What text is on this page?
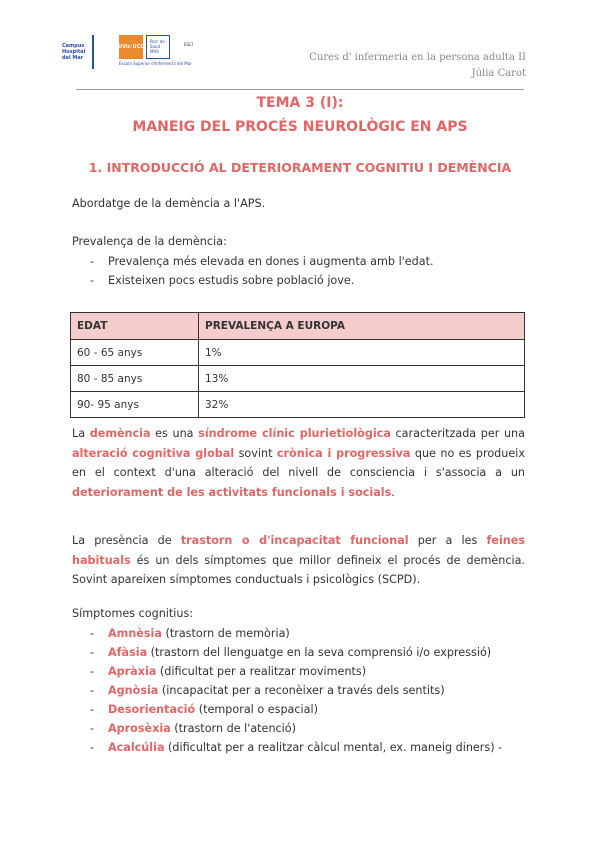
Campus Hospital del Mar
UVic·UCC
Parc de Salut MAR
Escola Superior d'Infermeria del Mar
ESCI
Cures d' infermeria en la persona adulta II
Júlia Carot
TEMA 3 (I):
MANEIG DEL PROCÉS NEUROLÒGIC EN APS
1. INTRODUCCIÓ AL DETERIORAMENT COGNITIU I DEMÈNCIA
Abordatge de la demència a l'APS.
Prevalença de la demència:
- Prevalença més elevada en dones i augmenta amb l'edat.
- Existeixen pocs estudis sobre població jove.
EDAT	PREVALENÇA A EUROPA
60 - 65 anys	1%
80 - 85 anys	13%
90- 95 anys	32%

La demència es una síndrome clínic plurietiològica caracteritzada per una alteració cognitiva global sovint crònica i progressiva que no es produeix en el context d'una alteració del nivell de consciencia i s'associa a un deteriorament de les activitats funcionals i socials.

La presència de trastorn o d'incapacitat funcional per a les feines habituals és un dels símptomes que millor defineix el procés de demència. Sovint apareixen símptomes conductuals i psicològics (SCPD).

Símptomes cognitius:
- Amnèsia (trastorn de memòria)
- Afàsia (trastorn del llenguatge en la seva comprensió i/o expressió)
- Apràxia (dificultat per a realitzar moviments)
- Agnòsia (incapacitat per a reconèixer a través dels sentits)
- Desorientació (temporal o espacial)
- Aprosèxia (trastorn de l'atenció)
- Acalcúlia (dificultat per a realitzar càlcul mental, ex. maneig diners) -
